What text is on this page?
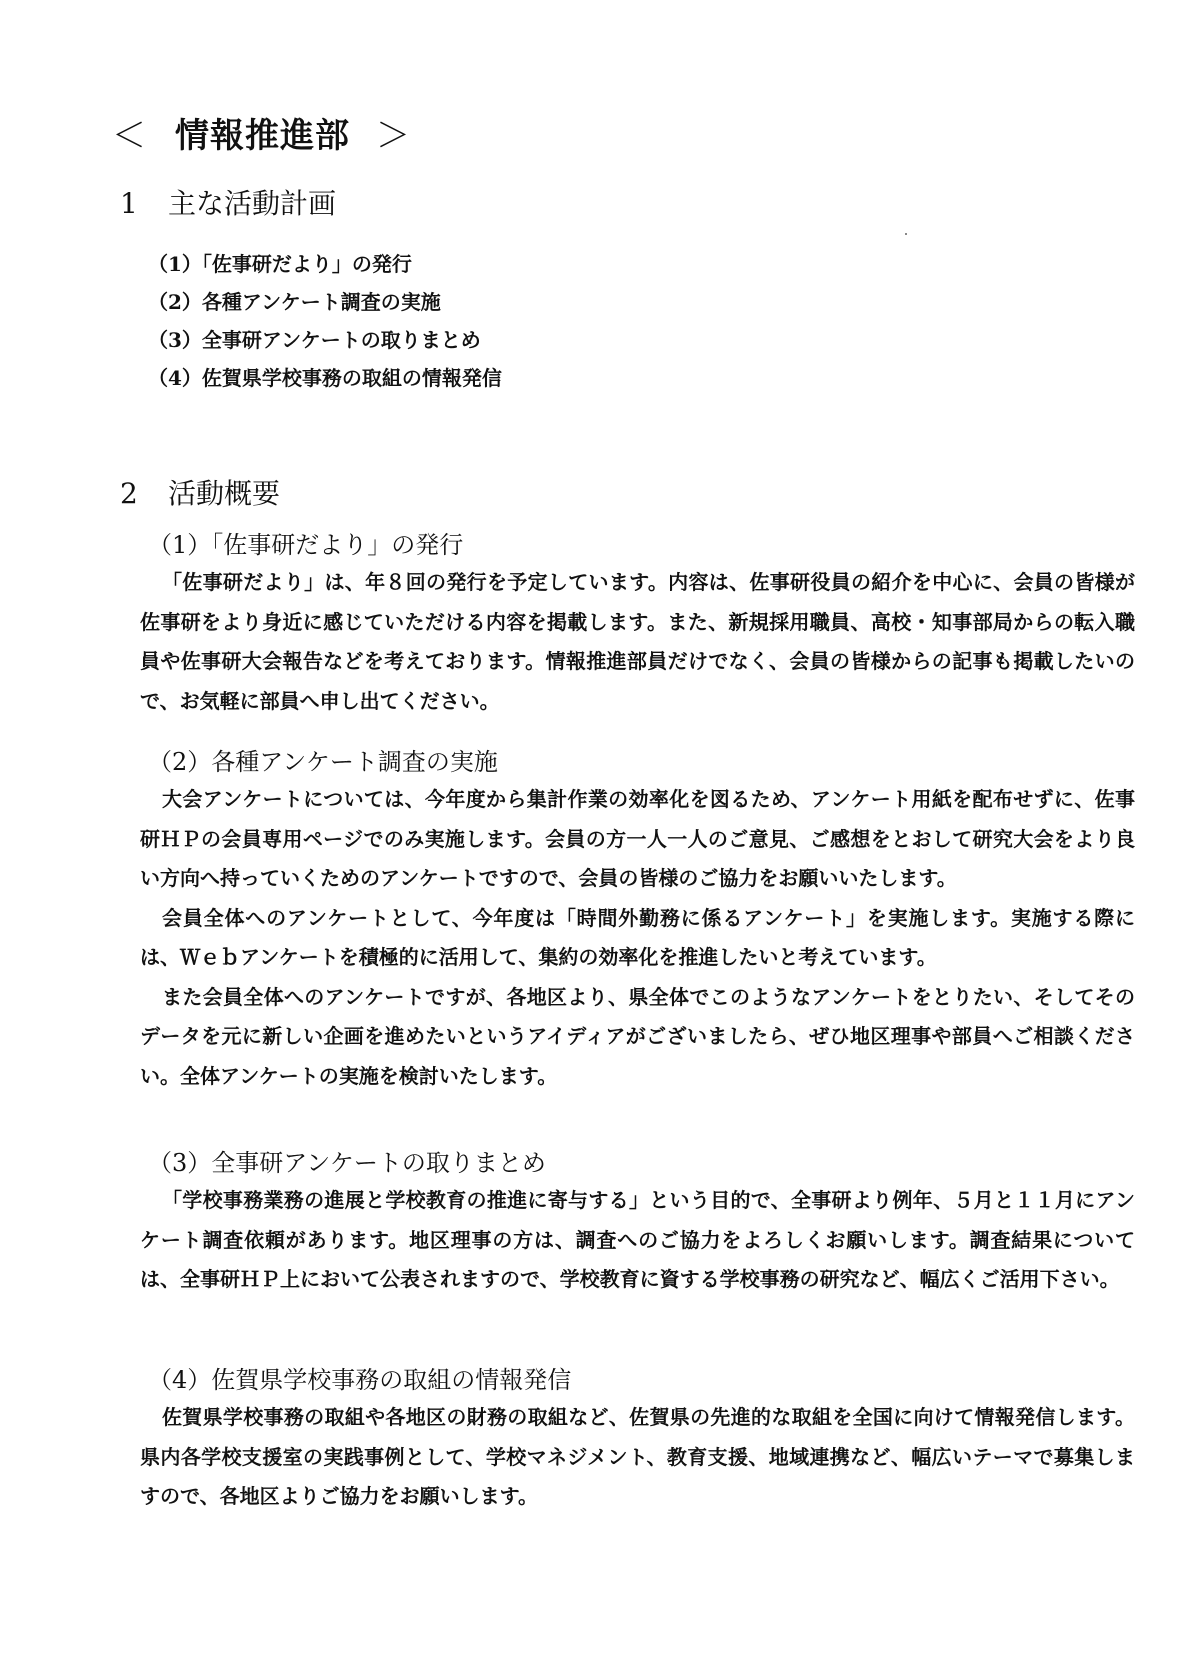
＜ 情報推進部 ＞
1 主な活動計画
（1）「佐事研だより」の発行
（2）各種アンケート調査の実施
（3）全事研アンケートの取りまとめ
（4）佐賀県学校事務の取組の情報発信
2 活動概要

（1）「佐事研だより」の発行

「佐事研だより」は、年８回の発行を予定しています。内容は、佐事研役員の紹介を中心に、会員の皆様が佐事研をより身近に感じていただける内容を掲載します。また、新規採用職員、高校・知事部局からの転入職員や佐事研大会報告などを考えております。情報推進部員だけでなく、会員の皆様からの記事も掲載したいので、お気軽に部員へ申し出てください。

（2）各種アンケート調査の実施

大会アンケートについては、今年度から集計作業の効率化を図るため、アンケート用紙を配布せずに、佐事研ＨＰの会員専用ページでのみ実施します。会員の方一人一人のご意見、ご感想をとおして研究大会をより良い方向へ持っていくためのアンケートですので、会員の皆様のご協力をお願いいたします。

会員全体へのアンケートとして、今年度は「時間外勤務に係るアンケート」を実施します。実施する際には、Ｗｅｂアンケートを積極的に活用して、集約の効率化を推進したいと考えています。

また会員全体へのアンケートですが、各地区より、県全体でこのようなアンケートをとりたい、そしてそのデータを元に新しい企画を進めたいというアイディアがございましたら、ぜひ地区理事や部員へご相談ください。全体アンケートの実施を検討いたします。

（3）全事研アンケートの取りまとめ

「学校事務業務の進展と学校教育の推進に寄与する」という目的で、全事研より例年、５月と１１月にアンケート調査依頼があります。地区理事の方は、調査へのご協力をよろしくお願いします。調査結果については、全事研ＨＰ上において公表されますので、学校教育に資する学校事務の研究など、幅広くご活用下さい。

（4）佐賀県学校事務の取組の情報発信

佐賀県学校事務の取組や各地区の財務の取組など、佐賀県の先進的な取組を全国に向けて情報発信します。県内各学校支援室の実践事例として、学校マネジメント、教育支援、地域連携など、幅広いテーマで募集しますので、各地区よりご協力をお願いします。
